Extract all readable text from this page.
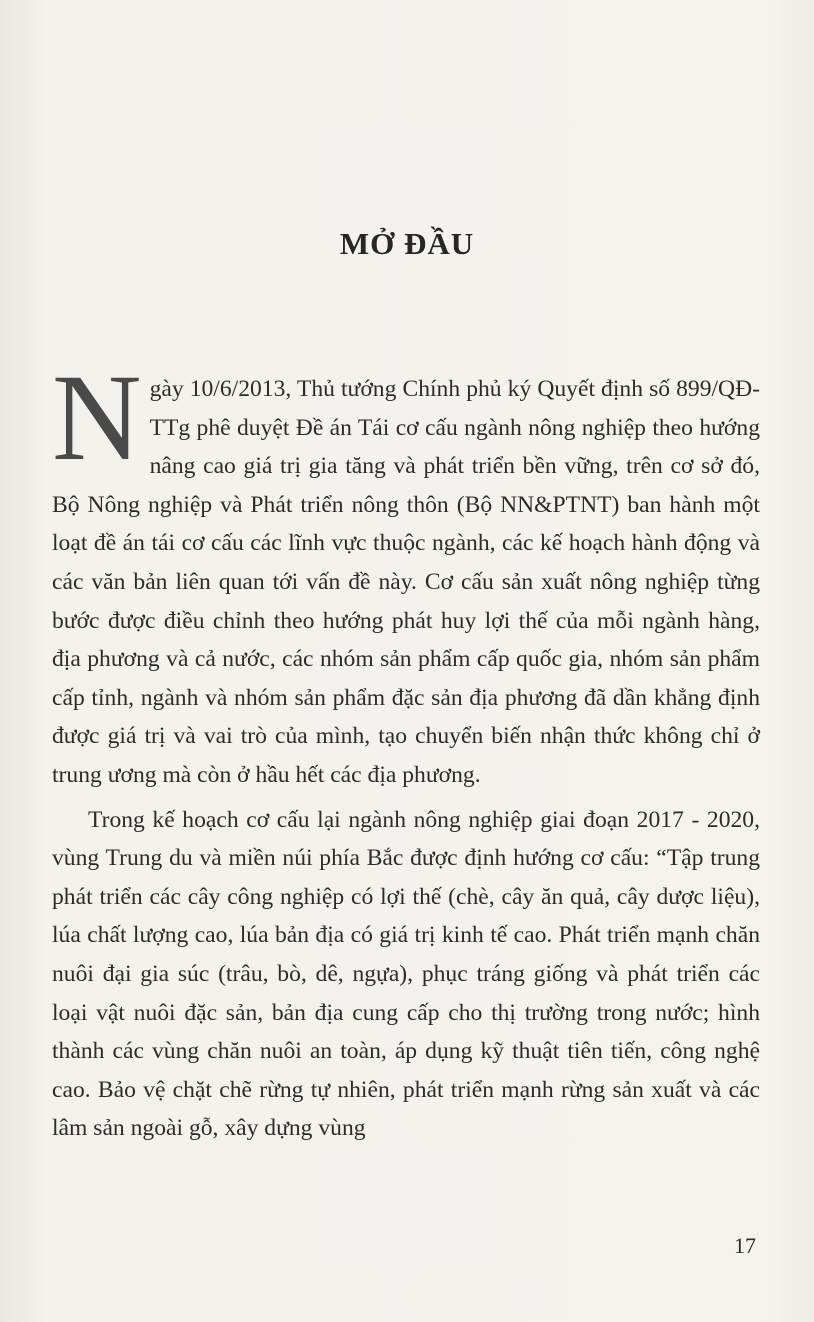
MỞ ĐẦU

Ngày 10/6/2013, Thủ tướng Chính phủ ký Quyết định số 899/QĐ-TTg phê duyệt Đề án Tái cơ cấu ngành nông nghiệp theo hướng nâng cao giá trị gia tăng và phát triển bền vững, trên cơ sở đó, Bộ Nông nghiệp và Phát triển nông thôn (Bộ NN&PTNT) ban hành một loạt đề án tái cơ cấu các lĩnh vực thuộc ngành, các kế hoạch hành động và các văn bản liên quan tới vấn đề này. Cơ cấu sản xuất nông nghiệp từng bước được điều chỉnh theo hướng phát huy lợi thế của mỗi ngành hàng, địa phương và cả nước, các nhóm sản phẩm cấp quốc gia, nhóm sản phẩm cấp tỉnh, ngành và nhóm sản phẩm đặc sản địa phương đã dần khẳng định được giá trị và vai trò của mình, tạo chuyển biến nhận thức không chỉ ở trung ương mà còn ở hầu hết các địa phương.

Trong kế hoạch cơ cấu lại ngành nông nghiệp giai đoạn 2017 - 2020, vùng Trung du và miền núi phía Bắc được định hướng cơ cấu: “Tập trung phát triển các cây công nghiệp có lợi thế (chè, cây ăn quả, cây dược liệu), lúa chất lượng cao, lúa bản địa có giá trị kinh tế cao. Phát triển mạnh chăn nuôi đại gia súc (trâu, bò, dê, ngựa), phục tráng giống và phát triển các loại vật nuôi đặc sản, bản địa cung cấp cho thị trường trong nước; hình thành các vùng chăn nuôi an toàn, áp dụng kỹ thuật tiên tiến, công nghệ cao. Bảo vệ chặt chẽ rừng tự nhiên, phát triển mạnh rừng sản xuất và các lâm sản ngoài gỗ, xây dựng vùng

17
